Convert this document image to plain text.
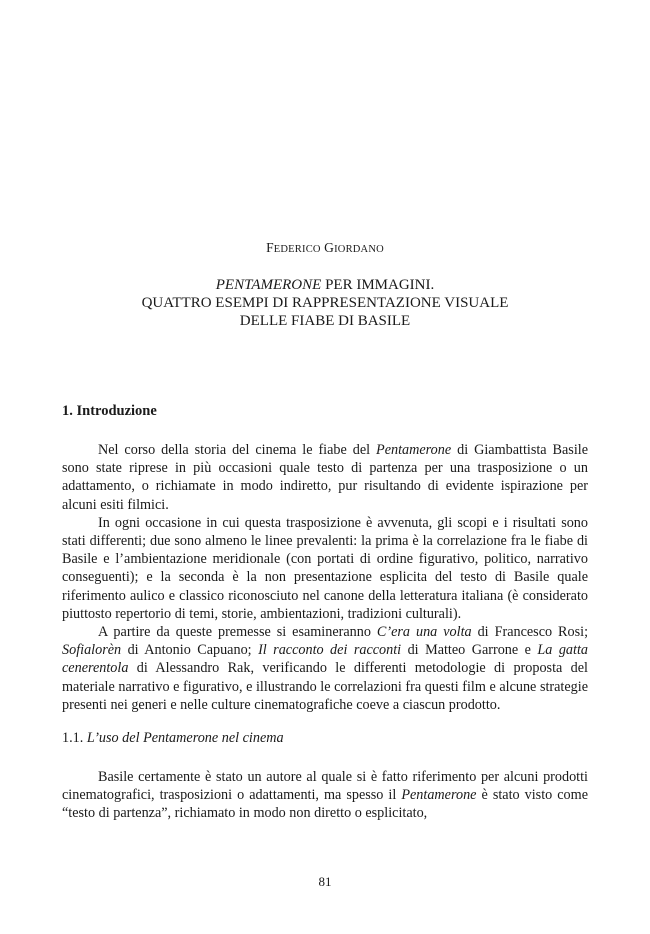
FEDERICO GIORDANO
PENTAMERONE PER IMMAGINI.
QUATTRO ESEMPI DI RAPPRESENTAZIONE VISUALE
DELLE FIABE DI BASILE
1. Introduzione

Nel corso della storia del cinema le fiabe del Pentamerone di Giambattista Basile sono state riprese in più occasioni quale testo di partenza per una trasposizione o un adattamento, o richiamate in modo indiretto, pur risultando di evidente ispirazione per alcuni esiti filmici.

In ogni occasione in cui questa trasposizione è avvenuta, gli scopi e i risultati sono stati differenti; due sono almeno le linee prevalenti: la prima è la correlazione fra le fiabe di Basile e l’ambientazione meridionale (con portati di ordine figurativo, politico, narrativo conseguenti); e la seconda è la non presentazione esplicita del testo di Basile quale riferimento aulico e classico riconosciuto nel canone della letteratura italiana (è considerato piuttosto repertorio di temi, storie, ambientazioni, tradizioni culturali).

A partire da queste premesse si esamineranno C’era una volta di Francesco Rosi; Sofialorèn di Antonio Capuano; Il racconto dei racconti di Matteo Garrone e La gatta cenerentola di Alessandro Rak, verificando le differenti metodologie di proposta del materiale narrativo e figurativo, e illustrando le correlazioni fra questi film e alcune strategie presenti nei generi e nelle culture cinematografiche coeve a ciascun prodotto.

1.1. L’uso del Pentamerone nel cinema

Basile certamente è stato un autore al quale si è fatto riferimento per alcuni prodotti cinematografici, trasposizioni o adattamenti, ma spesso il Pentamerone è stato visto come “testo di partenza”, richiamato in modo non diretto o esplicitato,

81
